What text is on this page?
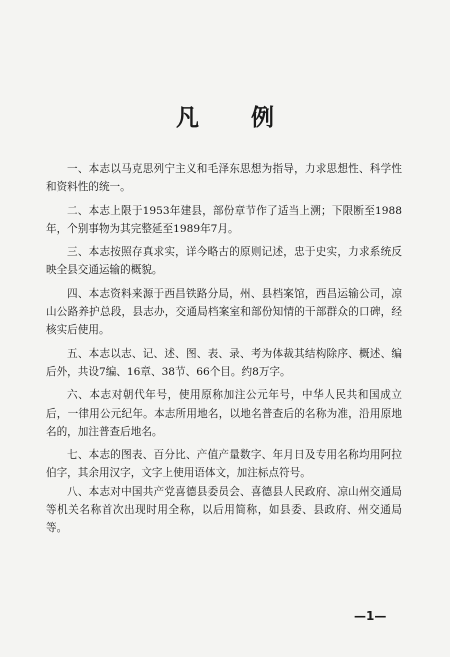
凡 例

一、本志以马克思列宁主义和毛泽东思想为指导，力求思想性、科学性和资料性的统一。

二、本志上限于1953年建县，部份章节作了适当上溯；下限断至1988年，个别事物为其完整延至1989年7月。

三、本志按照存真求实，详今略古的原则记述，忠于史实，力求系统反映全县交通运输的概貌。

四、本志资料来源于西昌铁路分局，州、县档案馆，西昌运输公司，凉山公路养护总段，县志办，交通局档案室和部份知情的干部群众的口碑，经核实后使用。

五、本志以志、记、述、图、表、录、考为体裁其结构除序、概述、编后外，共设7编、16章、38节、66个目。约8万字。

六、本志对朝代年号，使用原称加注公元年号，中华人民共和国成立后，一律用公元纪年。本志所用地名，以地名普查后的名称为准，沿用原地名的，加注普查后地名。

七、本志的图表、百分比、产值产量数字、年月日及专用名称均用阿拉伯字，其余用汉字，文字上使用语体文，加注标点符号。

八、本志对中国共产党喜德县委员会、喜德县人民政府、凉山州交通局等机关名称首次出现时用全称，以后用简称，如县委、县政府、州交通局等。

—1—
